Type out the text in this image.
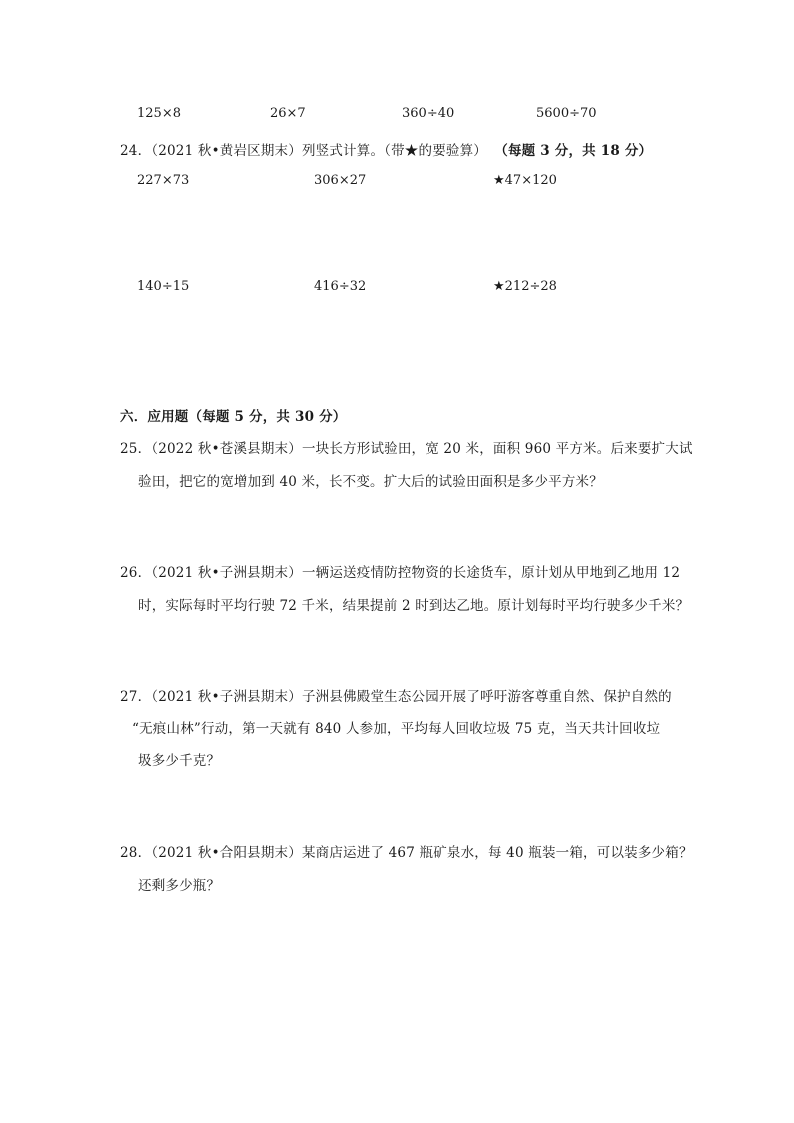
125×8	26×7	360÷40	5600÷70
24．（2021 秋•黄岩区期末）列竖式计算。（带★的要验算） （每题 3 分，共 18 分）
227×73	306×27	★47×120
140÷15	416÷32	★212÷28
六．应用题（每题 5 分，共 30 分）
25．（2022 秋•苍溪县期末）一块长方形试验田，宽 20 米，面积 960 平方米。后来要扩大试
验田，把它的宽增加到 40 米，长不变。扩大后的试验田面积是多少平方米？
26．（2021 秋•子洲县期末）一辆运送疫情防控物资的长途货车，原计划从甲地到乙地用 12
时，实际每时平均行驶 72 千米，结果提前 2 时到达乙地。原计划每时平均行驶多少千米？
27．（2021 秋•子洲县期末）子洲县佛殿堂生态公园开展了呼吁游客尊重自然、保护自然的
“无痕山林”行动，第一天就有 840 人参加，平均每人回收垃圾 75 克，当天共计回收垃
圾多少千克？
28．（2021 秋•合阳县期末）某商店运进了 467 瓶矿泉水，每 40 瓶装一箱，可以装多少箱？
还剩多少瓶？
